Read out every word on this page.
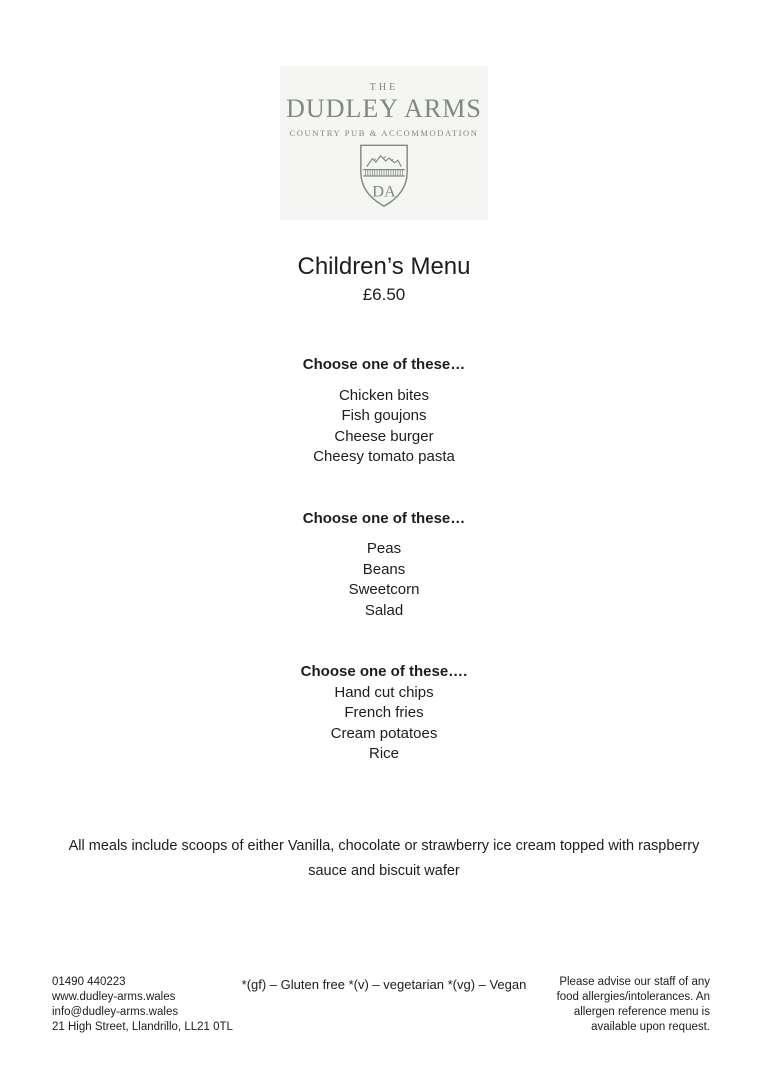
THE
DUDLEY ARMS
COUNTRY PUB & ACCOMMODATION
DA
Children’s Menu
£6.50
Choose one of these…
Chicken bites
Fish goujons
Cheese burger
Cheesy tomato pasta
Choose one of these…
Peas
Beans
Sweetcorn
Salad
Choose one of these….
Hand cut chips
French fries
Cream potatoes
Rice
All meals include scoops of either Vanilla, chocolate or strawberry ice cream topped with raspberry sauce and biscuit wafer
01490 440223
www.dudley-arms.wales
info@dudley-arms.wales
21 High Street, Llandrillo, LL21 0TL
*(gf) – Gluten free *(v) – vegetarian *(vg) – Vegan	Please advise our staff of any food allergies/intolerances. An allergen reference menu is available upon request.
